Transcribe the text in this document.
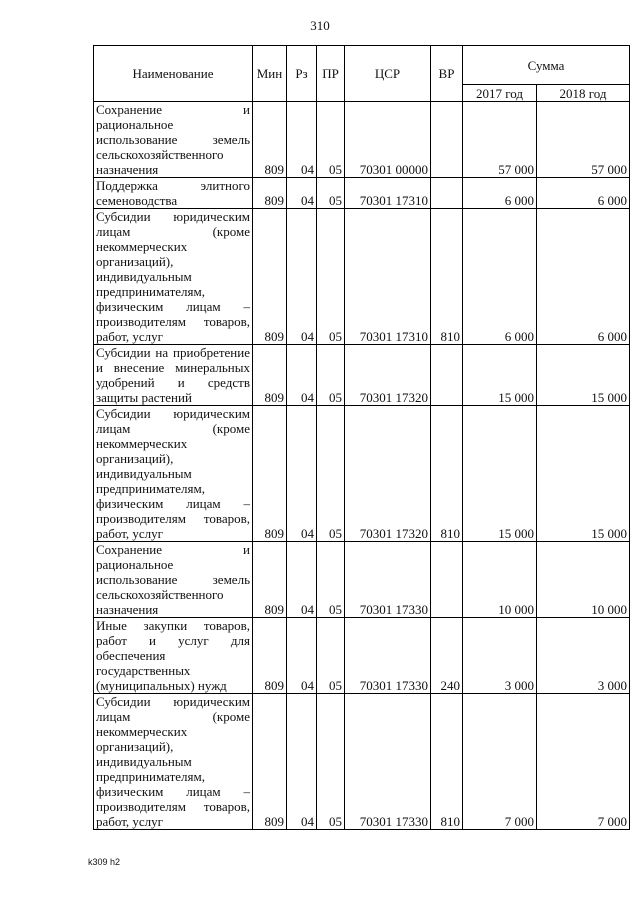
310
Наименование	Мин	Рз	ПР	ЦСР	ВР	Сумма	
						2017 год	2018 год
Сохранение и рациональное использование земель сельскохозяйственного назначения	809	04	05	70301 00000		57 000	57 000
Поддержка элитного семеноводства	809	04	05	70301 17310		6 000	6 000
Субсидии юридическим лицам (кроме некоммерческих организаций), индивидуальным предпринимателям, физическим лицам – производителям товаров, работ, услуг	809	04	05	70301 17310	810	6 000	6 000
Субсидии на приобретение и внесение минеральных удобрений и средств защиты растений	809	04	05	70301 17320		15 000	15 000
Субсидии юридическим лицам (кроме некоммерческих организаций), индивидуальным предпринимателям, физическим лицам – производителям товаров, работ, услуг	809	04	05	70301 17320	810	15 000	15 000
Сохранение и рациональное использование земель сельскохозяйственного назначения	809	04	05	70301 17330		10 000	10 000
Иные закупки товаров, работ и услуг для обеспечения государственных (муниципальных) нужд	809	04	05	70301 17330	240	3 000	3 000
Субсидии юридическим лицам (кроме некоммерческих организаций), индивидуальным предпринимателям, физическим лицам – производителям товаров, работ, услуг	809	04	05	70301 17330	810	7 000	7 000
k309 h2
